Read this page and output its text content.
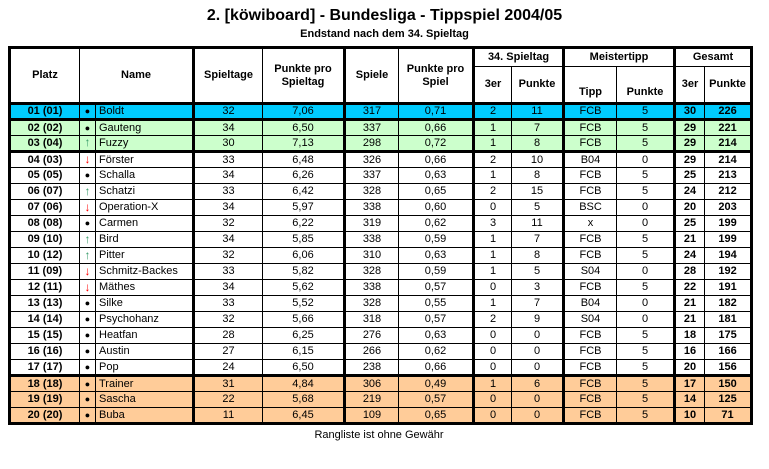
2. [köwiboard] - Bundesliga - Tippspiel 2004/05
Endstand nach dem 34. Spieltag
Platz	Name		Spieltage	Punkte pro Spieltag	Spiele	Punkte pro Spiel	34. Spieltag		Meistertipp		Gesamt	
							3er	Punkte	Tipp	Punkte	3er	Punkte
01 (01)	●	Boldt	32	7,06	317	0,71	2	11	FCB	5	30	226
02 (02)	●	Gauteng	34	6,50	337	0,66	1	7	FCB	5	29	221
03 (04)	↑	Fuzzy	30	7,13	298	0,72	1	8	FCB	5	29	214
04 (03)	↓	Förster	33	6,48	326	0,66	2	10	B04	0	29	214
05 (05)	●	Schalla	34	6,26	337	0,63	1	8	FCB	5	25	213
06 (07)	↑	Schatzi	33	6,42	328	0,65	2	15	FCB	5	24	212
07 (06)	↓	Operation-X	34	5,97	338	0,60	0	5	BSC	0	20	203
08 (08)	●	Carmen	32	6,22	319	0,62	3	11	x	0	25	199
09 (10)	↑	Bird	34	5,85	338	0,59	1	7	FCB	5	21	199
10 (12)	↑	Pitter	32	6,06	310	0,63	1	8	FCB	5	24	194
11 (09)	↓	Schmitz-Backes	33	5,82	328	0,59	1	5	S04	0	28	192
12 (11)	↓	Mäthes	34	5,62	338	0,57	0	3	FCB	5	22	191
13 (13)	●	Silke	33	5,52	328	0,55	1	7	B04	0	21	182
14 (14)	●	Psychohanz	32	5,66	318	0,57	2	9	S04	0	21	181
15 (15)	●	Heatfan	28	6,25	276	0,63	0	0	FCB	5	18	175
16 (16)	●	Austin	27	6,15	266	0,62	0	0	FCB	5	16	166
17 (17)	●	Pop	24	6,50	238	0,66	0	0	FCB	5	20	156
18 (18)	●	Trainer	31	4,84	306	0,49	1	6	FCB	5	17	150
19 (19)	●	Sascha	22	5,68	219	0,57	0	0	FCB	5	14	125
20 (20)	●	Buba	11	6,45	109	0,65	0	0	FCB	5	10	71
Rangliste ist ohne Gewähr
